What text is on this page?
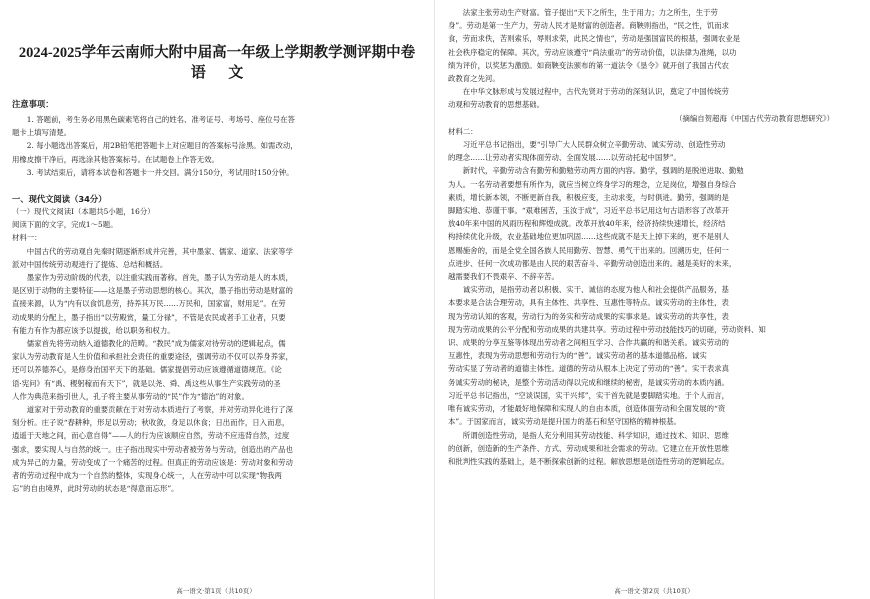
2024-2025学年云南师大附中届高一年级上学期教学测评期中卷
语文

注意事项：

1. 答题前，考生务必用黑色碳素笔将自己的姓名、准考证号、考场号、座位号在答

题卡上填写清楚。

2. 每小题选出答案后，用2B铅笔把答题卡上对应题目的答案标号涂黑。如需改动，

用橡皮擦干净后，再选涂其他答案标号。在试题卷上作答无效。

3. 考试结束后，请将本试卷和答题卡一并交回。满分150分，考试用时150分钟。

一、现代文阅读（34分）

（一）现代文阅读Ⅰ（本题共5小题，16分）

阅读下面的文字，完成1～5题。

材料一：

中国古代的劳动观自先秦时期逐渐形成并完善，其中墨家、儒家、道家、法家等学

派对中国传统劳动观进行了提炼、总结和概括。

墨家作为劳动阶级的代表，以注重实践而著称。首先，墨子认为劳动是人的本质，

是区别于动物的主要特征——这是墨子劳动思想的核心。其次，墨子指出劳动是财富的

直接来源，认为“内有以食饥息劳，持养其万民……万民和，国家富，财用足”。在劳

动成果的分配上，墨子指出“以劳殿赏，量工分禄”，不管是农民或者手工业者，只要

有能力有作为都应该予以提拔，给以职务和权力。

儒家首先将劳动纳入道德教化的范畴。“教民”成为儒家对待劳动的逻辑起点，儒

家认为劳动教育是人生价值和承担社会责任的重要途径，强调劳动不仅可以养身养家，

还可以养德养心，是修身治国平天下的基础。儒家提倡劳动应该遵循道德规范。《论

语·宪问》有“禹、稷躬稼而有天下”，就是以尧、舜、禹这些从事生产实践劳动的圣

人作为典范来指引世人，孔子将主要从事劳动的“民”作为“德治”的对象。

道家对于劳动教育的重要贡献在于对劳动本质进行了考察，并对劳动异化进行了深

刻分析。庄子说“春耕种，形足以劳动；秋收敛，身足以休食；日出而作，日入而息，

逍遥于天地之间，而心意自得”——人的行为应该顺应自然，劳动不应违背自然，过度

强求，要实现人与自然的统一。庄子指出现实中劳动者被劳务与劳动，创造出的产品也

成为异己的力量，劳动变成了一个痛苦的过程。但真正的劳动应该是：劳动对象和劳动

者的劳动过程中成为一个自然的整体，实现身心统一，人在劳动中可以实现“物我两

忘”的自由境界，此时劳动的状态是“得意而忘形”。

高一语文·第1页（共10页）

法家主张劳动生产财富。管子提出“天下之所生，生于用力；力之所生，生于劳

身”。劳动是第一生产力，劳动人民才是财富的创造者。商鞅则指出，“民之性，饥而求

食，劳而求佚，苦则索乐，辱则求荣，此民之情也”，劳动是强国富民的根基，强调农业是

社会秩序稳定的保障。其次，劳动应该遵守“尚法重功”的劳动价值，以法律为准绳，以功

绩为评价，以奖惩为激励。如商鞅变法颁布的第一道法令《垦令》就开创了我国古代农

政教育之先河。

在中华文脉形成与发展过程中，古代先贤对于劳动的深刻认识，奠定了中国传统劳

动观和劳动教育的思想基础。

（摘编自贺超海《中国古代劳动教育思想研究》）

材料二：

习近平总书记指出，要“引导广大人民群众树立辛勤劳动、诚实劳动、创造性劳动

的理念……让劳动者实现体面劳动、全面发展……以劳动托起中国梦”。

新时代，辛勤劳动含有勤劳和勤勉劳动两方面的内容。勤学，强调的是脱逆进取、勤勉

为人。一名劳动者要想有所作为，就应当树立终身学习的理念，立足岗位，增强自身综合

素质，增长新本领，不断更新自我，积极应变，主动求变，与时俱进。勤劳，强调的是

脚踏实地、恭谨干事。“艰难困苦，玉汝于成”，习近平总书记用这句古语形容了改革开

放40年来中国的风雨历程和辉煌成就。改革开放40年来，经济持续快速增长，经济结

构持续优化升级，农业基础地位更加巩固……这些成就不是天上掉下来的，更不是别人

恩赐施舍的，而是全党全国各族人民用勤劳、智慧、勇气干出来的。回溯历史，任何一

点进步、任何一次成功都是由人民的艰苦奋斗、辛勤劳动创造出来的。越是美好的未来，

越需要我们不畏艰辛、不辞辛苦。

诚实劳动，是指劳动者以积极、实干、诚信的态度为他人和社会提供产品服务，基

本要求是合法合理劳动，具有主体性、共享性、互惠性等特点。诚实劳动的主体性，表

现为劳动认知的客观，劳动行为的务实和劳动成果的实事求是。诚实劳动的共享性，表

现为劳动成果的公平分配和劳动成果的共建共享。劳动过程中劳动技能技巧的切磋，劳动资料、知

识、成果的分享互鉴等体现出劳动者之间相互学习、合作共赢的和谐关系。诚实劳动的

互惠性，表现为劳动思想和劳动行为的“善”。诚实劳动者的基本道德品格。诚实

劳动实显了劳动者的道德主体性。道德的劳动从根本上决定了劳动的“善”。实干表求真

务诚实劳动的秘诀，是整个劳动活动得以完成和继续的秘密，是诚实劳动的本质内涵。

习近平总书记指出，“空谈误国，实干兴邦”，实干首先就是要脚踏实地。于个人而言，

唯有诚实劳动，才能最好地保障和实现人的自由本质，创造体面劳动和全面发展的“资

本”。于国家而言，诚实劳动是提升国力的基石和坚守国格的精神根基。

所谓创造性劳动，是指人充分利用其劳动技能、科学知识，通过技术、知识、思维

的创新，创造新的生产条件、方式、劳动成果和社会需求的劳动。它建立在开放性思维

和批判性实践的基础上，是不断探索创新的过程。解放思想是创造性劳动的逻辑起点。

高一语文·第2页（共10页）
